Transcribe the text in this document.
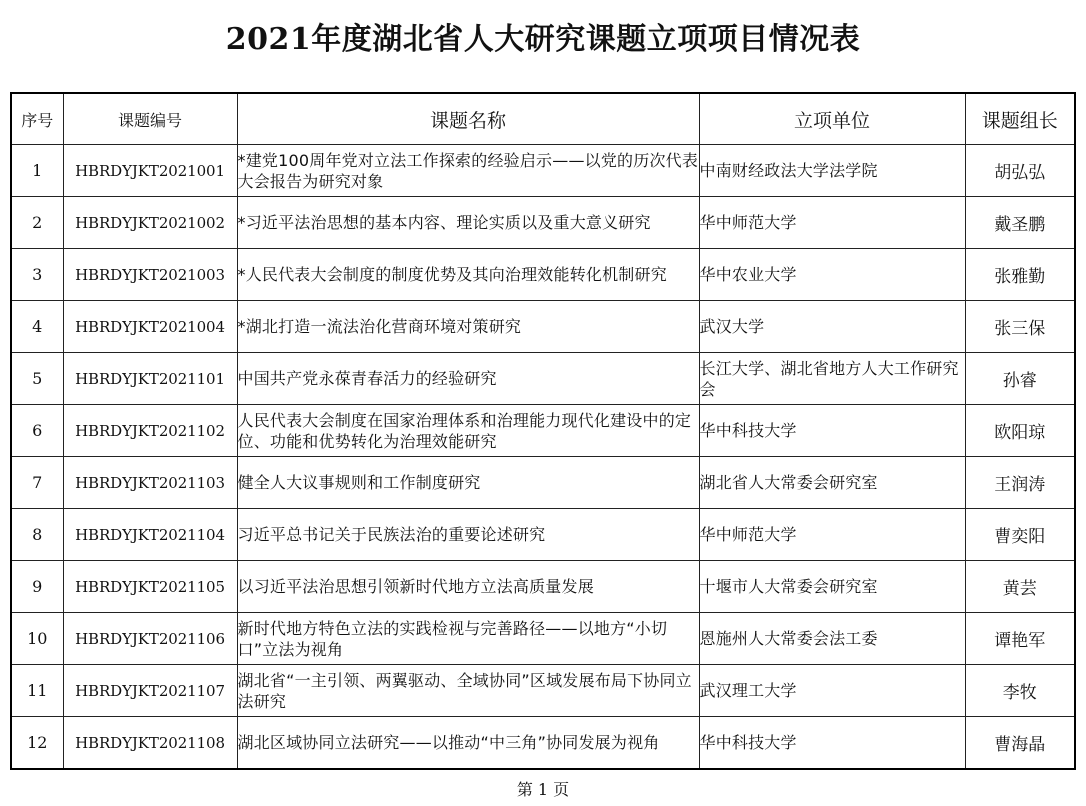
2021年度湖北省人大研究课题立项项目情况表
序号	课题编号	课题名称	立项单位	课题组长
1	HBRDYJKT2021001	*建党100周年党对立法工作探索的经验启示——以党的历次代表大会报告为研究对象	中南财经政法大学法学院	胡弘弘
2	HBRDYJKT2021002	*习近平法治思想的基本内容、理论实质以及重大意义研究	华中师范大学	戴圣鹏
3	HBRDYJKT2021003	*人民代表大会制度的制度优势及其向治理效能转化机制研究	华中农业大学	张雅勤
4	HBRDYJKT2021004	*湖北打造一流法治化营商环境对策研究	武汉大学	张三保
5	HBRDYJKT2021101	中国共产党永葆青春活力的经验研究	长江大学、湖北省地方人大工作研究会	孙睿
6	HBRDYJKT2021102	人民代表大会制度在国家治理体系和治理能力现代化建设中的定位、功能和优势转化为治理效能研究	华中科技大学	欧阳琼
7	HBRDYJKT2021103	健全人大议事规则和工作制度研究	湖北省人大常委会研究室	王润涛
8	HBRDYJKT2021104	习近平总书记关于民族法治的重要论述研究	华中师范大学	曹奕阳
9	HBRDYJKT2021105	以习近平法治思想引领新时代地方立法高质量发展	十堰市人大常委会研究室	黄芸
10	HBRDYJKT2021106	新时代地方特色立法的实践检视与完善路径——以地方“小切口”立法为视角	恩施州人大常委会法工委	谭艳军
11	HBRDYJKT2021107	湖北省“一主引领、两翼驱动、全域协同”区域发展布局下协同立法研究	武汉理工大学	李牧
12	HBRDYJKT2021108	湖北区域协同立法研究——以推动“中三角”协同发展为视角	华中科技大学	曹海晶
第 1 页
